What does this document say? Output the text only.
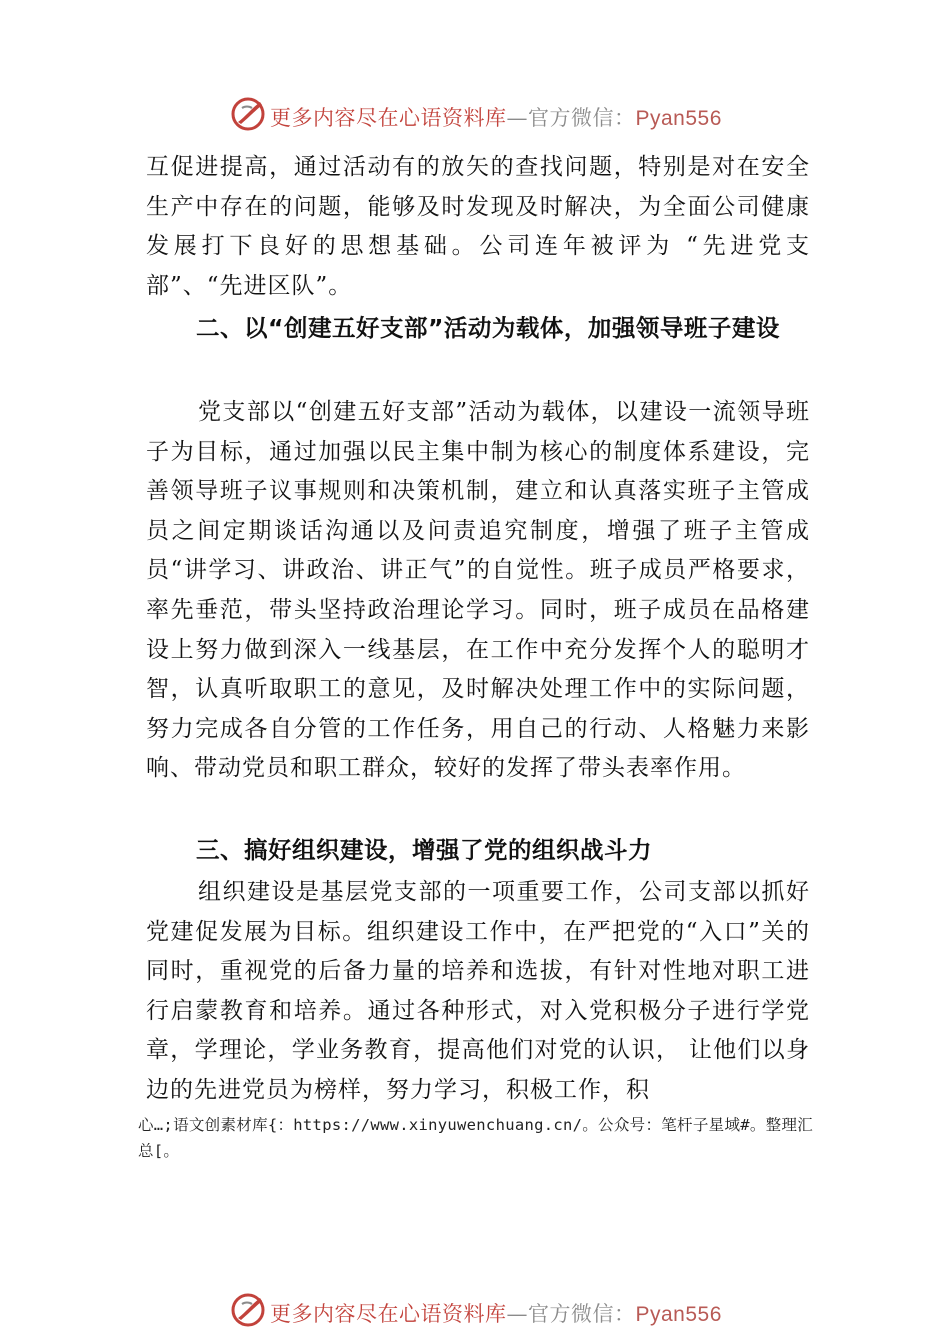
更多内容尽在心语资料库—官方微信：Pyan556

互促进提高，通过活动有的放矢的查找问题，特别是对在安全生产中存在的问题，能够及时发现及时解决，为全面公司健康发展打下良好的思想基础。公司连年被评为 “先进党支部”、“先进区队”。

二、以“创建五好支部”活动为载体，加强领导班子建设

党支部以“创建五好支部”活动为载体，以建设一流领导班子为目标，通过加强以民主集中制为核心的制度体系建设，完善领导班子议事规则和决策机制，建立和认真落实班子主管成员之间定期谈话沟通以及问责追究制度，增强了班子主管成员“讲学习、讲政治、讲正气”的自觉性。班子成员严格要求，率先垂范，带头坚持政治理论学习。同时，班子成员在品格建设上努力做到深入一线基层，在工作中充分发挥个人的聪明才智，认真听取职工的意见，及时解决处理工作中的实际问题，努力完成各自分管的工作任务，用自己的行动、人格魅力来影响、带动党员和职工群众，较好的发挥了带头表率作用。

三、搞好组织建设，增强了党的组织战斗力

组织建设是基层党支部的一项重要工作，公司支部以抓好党建促发展为目标。组织建设工作中，在严把党的“入口”关的同时，重视党的后备力量的培养和选拔，有针对性地对职工进行启蒙教育和培养。通过各种形式，对入党积极分子进行学党章，学理论，学业务教育，提高他们对党的认识， 让他们以身边的先进党员为榜样，努力学习，积极工作，积

心…;语文创素材库{：https://www.xinyuwenchuang.cn/。公众号：笔杆子星域#。整理汇总[。

更多内容尽在心语资料库—官方微信：Pyan556
